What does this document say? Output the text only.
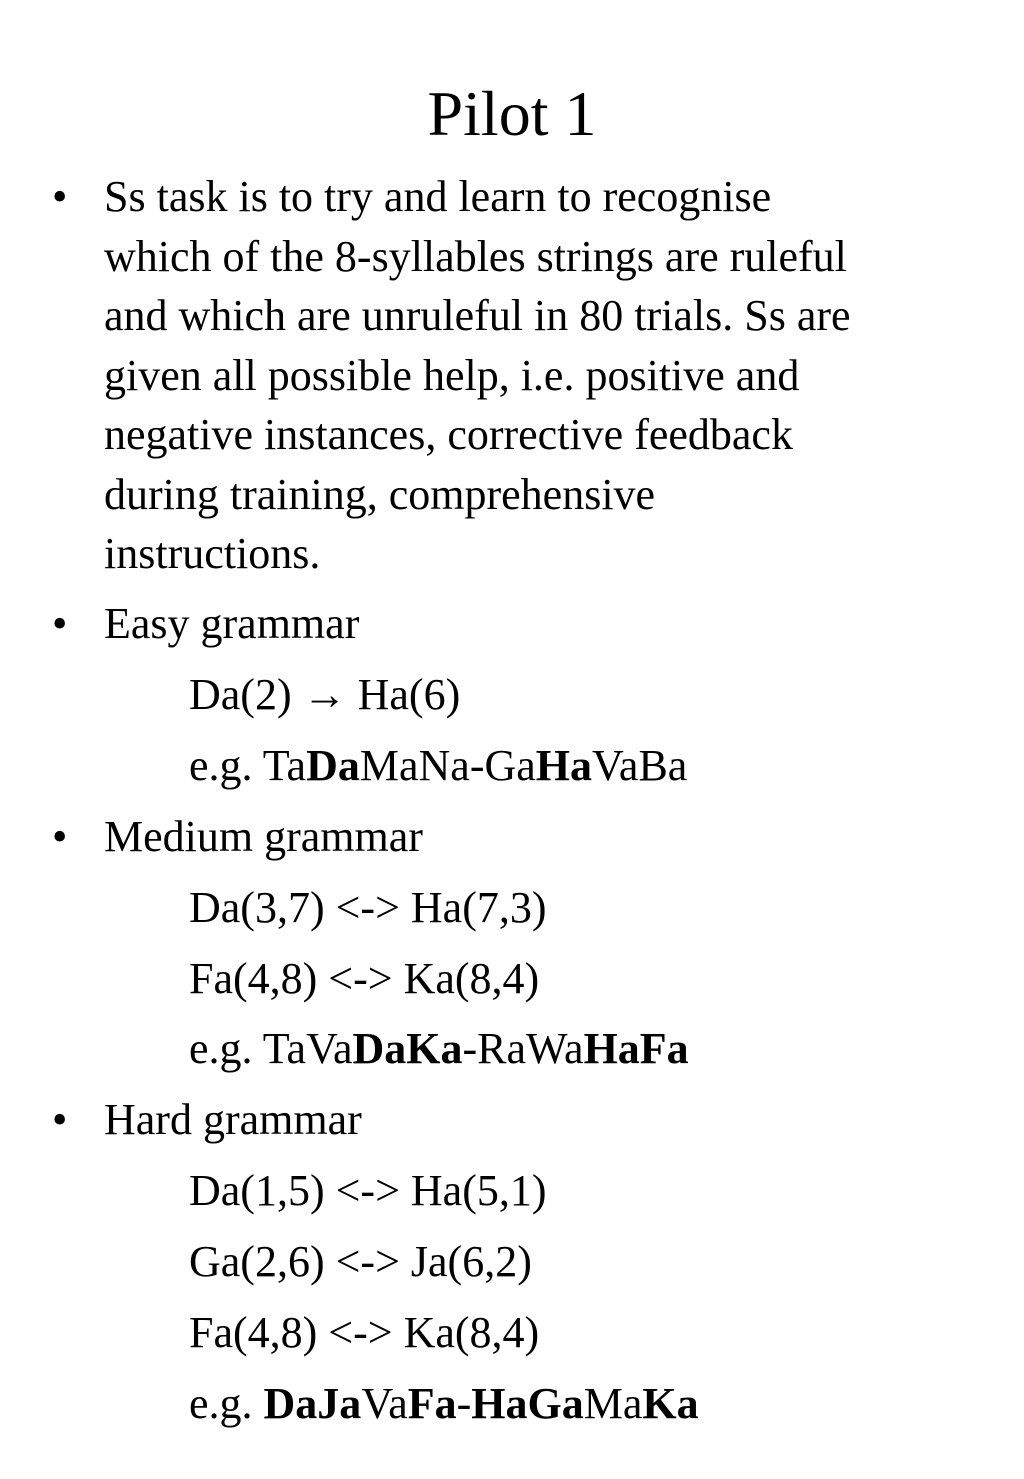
Pilot 1
• Ss task is to try and learn to recognise
which of the 8-syllables strings are ruleful
and which are unruleful in 80 trials. Ss are
given all possible help, i.e. positive and
negative instances, corrective feedback
during training, comprehensive
instructions.
• Easy grammar
• Medium grammar
• Hard grammar
Da(2) → Ha(6)
e.g. TaDaMaNa-GaHaVaBa
Da(3,7) <-> Ha(7,3)
Fa(4,8) <-> Ka(8,4)
e.g. TaVaDaKa-RaWaHaFa
Da(1,5) <-> Ha(5,1)
Ga(2,6) <-> Ja(6,2)
Fa(4,8) <-> Ka(8,4)
e.g. DaJaVaFa-HaGaMaKa
